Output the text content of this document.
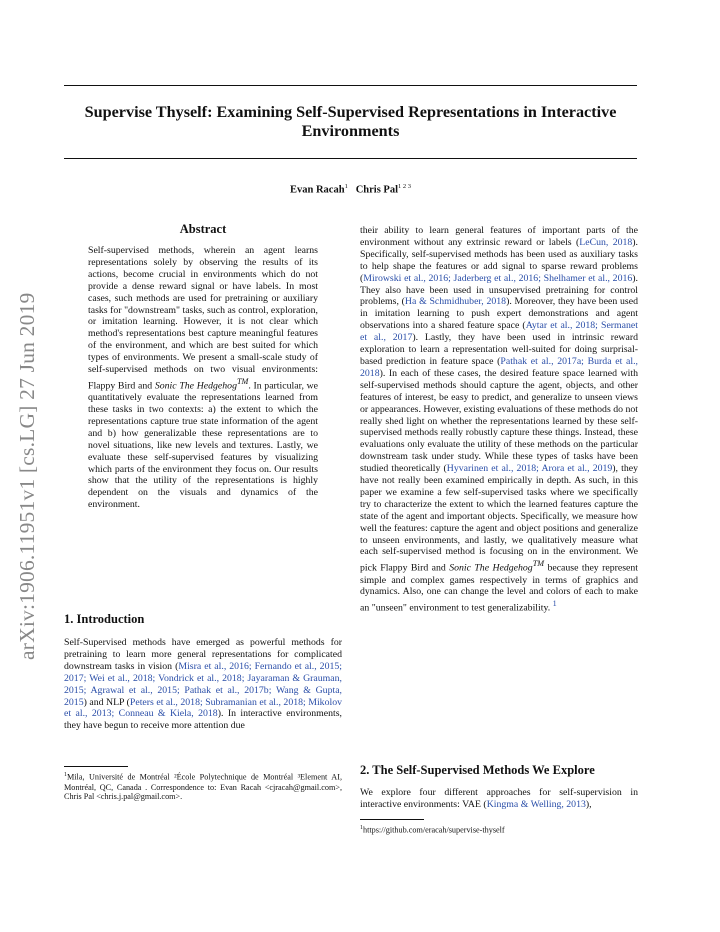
Supervise Thyself: Examining Self-Supervised Representations in Interactive Environments

Evan Racah$^1$ Chris Pal$^{1 2 3}$

arXiv:1906.11951v1 [cs.LG] 27 Jun 2019
Abstract

Self-supervised methods, wherein an agent learns representations solely by observing the results of its actions, become crucial in environments which do not provide a dense reward signal or have labels. In most cases, such methods are used for pretraining or auxiliary tasks for "downstream" tasks, such as control, exploration, or imitation learning. However, it is not clear which method's representations best capture meaningful features of the environment, and which are best suited for which types of environments. We present a small-scale study of self-supervised methods on two visual environments: Flappy Bird and Sonic The Hedgehog™. In particular, we quantitatively evaluate the representations learned from these tasks in two contexts: a) the extent to which the representations capture true state information of the agent and b) how generalizable these representations are to novel situations, like new levels and textures. Lastly, we evaluate these self-supervised features by visualizing which parts of the environment they focus on. Our results show that the utility of the representations is highly dependent on the visuals and dynamics of the environment.

1. Introduction

Self-Supervised methods have emerged as powerful methods for pretraining to learn more general representations for complicated downstream tasks in vision (Misra et al., 2016; Fernando et al., 2015; 2017; Wei et al., 2018; Vondrick et al., 2018; Jayaraman & Grauman, 2015; Agrawal et al., 2015; Pathak et al., 2017b; Wang & Gupta, 2015) and NLP (Peters et al., 2018; Subramanian et al., 2018; Mikolov et al., 2013; Conneau & Kiela, 2018). In interactive environments, they have begun to receive more attention due

$^1$Mila, Université de Montréal ²École Polytechnique de Montréal ³Element AI, Montréal, QC, Canada . Correspondence to: Evan Racah <cjracah@gmail.com>, Chris Pal <chris.j.pal@gmail.com>.

their ability to learn general features of important parts of the environment without any extrinsic reward or labels (LeCun, 2018). Specifically, self-supervised methods has been used as auxiliary tasks to help shape the features or add signal to sparse reward problems (Mirowski et al., 2016; Jaderberg et al., 2016; Shelhamer et al., 2016). They also have been used in unsupervised pretraining for control problems, (Ha & Schmidhuber, 2018). Moreover, they have been used in imitation learning to push expert demonstrations and agent observations into a shared feature space (Aytar et al., 2018; Sermanet et al., 2017). Lastly, they have been used in intrinsic reward exploration to learn a representation well-suited for doing surprisal-based prediction in feature space (Pathak et al., 2017a; Burda et al., 2018). In each of these cases, the desired feature space learned with self-supervised methods should capture the agent, objects, and other features of interest, be easy to predict, and generalize to unseen views or appearances. However, existing evaluations of these methods do not really shed light on whether the representations learned by these self-supervised methods really robustly capture these things. Instead, these evaluations only evaluate the utility of these methods on the particular downstream task under study. While these types of tasks have been studied theoretically (Hyvarinen et al., 2018; Arora et al., 2019), they have not really been examined empirically in depth. As such, in this paper we examine a few self-supervised tasks where we specifically try to characterize the extent to which the learned features capture the state of the agent and important objects. Specifically, we measure how well the features: capture the agent and object positions and generalize to unseen environments, and lastly, we qualitatively measure what each self-supervised method is focusing on in the environment. We pick Flappy Bird and Sonic The Hedgehog™ because they represent simple and complex games respectively in terms of graphics and dynamics. Also, one can change the level and colors of each to make an "unseen" environment to test generalizability. $^1$

2. The Self-Supervised Methods We Explore

We explore four different approaches for self-supervision in interactive environments: VAE (Kingma & Welling, 2013),

$^1$https://github.com/eracah/supervise-thyself
